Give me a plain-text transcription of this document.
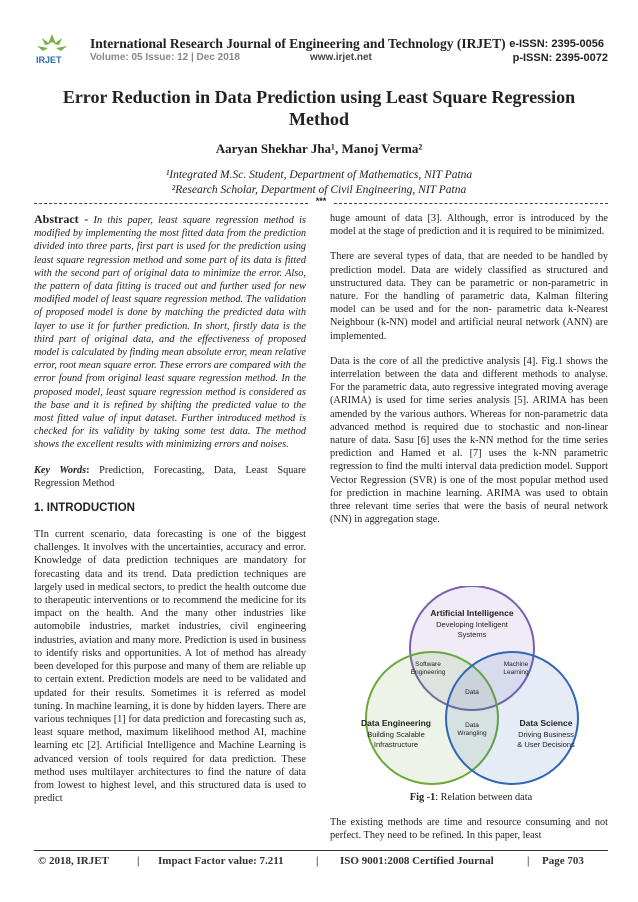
IRJET
International Research Journal of Engineering and Technology (IRJET) e-ISSN: 2395-0056
Volume: 05 Issue: 12 | Dec 2018	www.irjet.net	p-ISSN: 2395-0072
Error Reduction in Data Prediction using Least Square Regression
Method
Aaryan Shekhar Jha¹, Manoj Verma²
¹Integrated M.Sc. Student, Department of Mathematics, NIT Patna
²Research Scholar, Department of Civil Engineering, NIT Patna
***

Abstract - In this paper, least square regression method is modified by implementing the most fitted data from the prediction divided into three parts, first part is used for the prediction using least square regression method and some part of its data is fitted with the second part of original data to minimize the error. Also, the pattern of data fitting is traced out and further used for new modified model of least square regression method. The validation of proposed model is done by matching the predicted data with layer to use it for further prediction. In short, firstly data is the third part of original data, and the effectiveness of proposed model is calculated by finding mean absolute error, mean relative error, root mean square error. These errors are compared with the error found from original least square regression method. In the proposed model, least square regression method is considered as the base and it is refined by shifting the predicted value to the most fitted value of input dataset. Further introduced method is checked for its validity by taking some test data. The method shows the excellent results with minimizing errors and noises.

Key Words: Prediction, Forecasting, Data, Least Square Regression Method

1. INTRODUCTION

TIn current scenario, data forecasting is one of the biggest challenges. It involves with the uncertainties, accuracy and error. Knowledge of data prediction techniques are mandatory for forecasting data and its trend. Data prediction techniques are largely used in medical sectors, to predict the health outcome due to therapeutic interventions or to recommend the medicine for its impact on the health. And the many other industries like automobile industries, market industries, civil engineering industries, aviation and many more. Prediction is used in business to identify risks and opportunities. A lot of method has already been developed for this purpose and many of them are reliable up to certain extent. Prediction models are need to be validated and updated for their results. Sometimes it is referred as model tuning. In machine learning, it is done by hidden layers. There are various techniques [1] for data prediction and forecasting such as, least square method, maximum likelihood method AI, machine learning etc [2]. Artificial Intelligence and Machine Learning is advanced version of tools required for data prediction. These method uses multilayer architectures to find the nature of data from lowest to highest level, and this structured data is used to predict

huge amount of data [3]. Although, error is introduced by the model at the stage of prediction and it is required to be minimized.

There are several types of data, that are needed to be handled by prediction model. Data are widely classified as structured and unstructured data. They can be parametric or non-parametric in nature. For the handling of parametric data, Kalman filtering model can be used and for the non- parametric data k-Nearest Neighbour (k-NN) model and artificial neural network (ANN) are implemented.

Data is the core of all the predictive analysis [4]. Fig.1 shows the interrelation between the data and different methods to analyse. For the parametric data, auto regressive integrated moving average (ARIMA) is used for time series analysis [5]. ARIMA has been amended by the various authors. Whereas for non-parametric data advanced method is required due to stochastic and non-linear nature of data. Sasu [6] uses the k-NN method for the time series prediction and Hamed et al. [7] uses the k-NN parametric regression to find the multi interval data prediction model. Support Vector Regression (SVR) is one of the most popular method used for prediction in machine learning. ARIMA was used to obtain three relevant time series that were the basis of neural network (NN) in aggregation stage.

Artificial Intelligence
Developing Intelligent
Systems
Data Engineering
Building Scalable
Infrastructure
Data Science
Driving Business
& User Decisions
Software
Engineering
Machine
Learning
Data
Data
Wrangling
Fig -1: Relation between data

The existing methods are time and resource consuming and not perfect. They need to be refined. In this paper, least

© 2018, IRJET	| Impact Factor value: 7.211	| ISO 9001:2008 Certified Journal	| Page 703
